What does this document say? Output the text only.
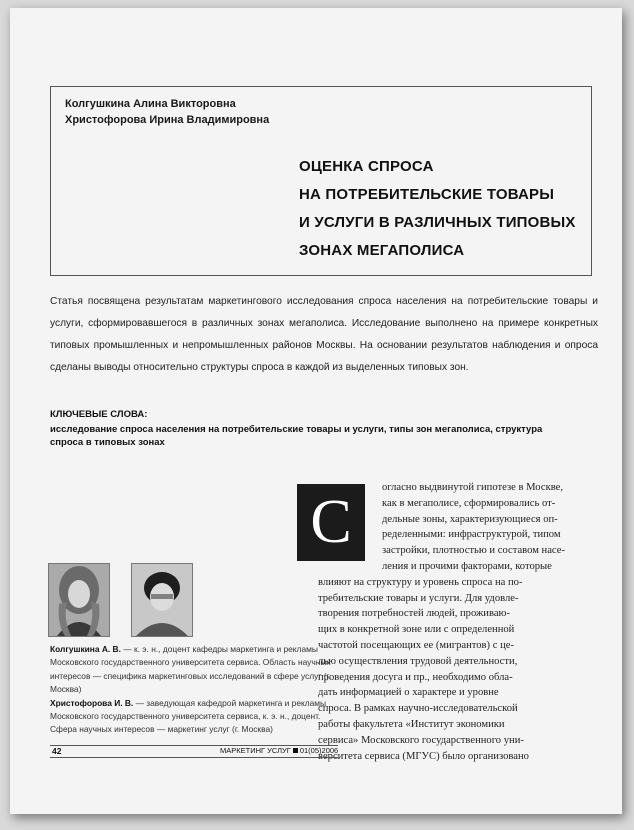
Колгушкина Алина Викторовна
Христофорова Ирина Владимировна
ОЦЕНКА СПРОСА
НА ПОТРЕБИТЕЛЬСКИЕ ТОВАРЫ
И УСЛУГИ В РАЗЛИЧНЫХ ТИПОВЫХ
ЗОНАХ МЕГАПОЛИСА
Статья посвящена результатам маркетингового исследования спроса населения на потребительские товары и услуги, сформировавшегося в различных зонах мегаполиса. Исследование выполнено на примере конкретных типовых промышленных и непромышленных районов Москвы. На основании результатов наблюдения и опроса сделаны выводы относительно структуры спроса в каждой из выделенных типовых зон.
КЛЮЧЕВЫЕ СЛОВА:
исследование спроса населения на потребительские товары и услуги, типы зон мегаполиса, структура спроса в типовых зонах
С
огласно выдвинутой гипотезе в Москве,
как в мегаполисе, сформировались от-
дельные зоны, характеризующиеся оп-
ределенными: инфраструктурой, типом
застройки, плотностью и составом насе-
ления и прочими факторами, которые
влияют на структуру и уровень спроса на по-
требительские товары и услуги. Для удовле-
творения потребностей людей, проживаю-
щих в конкретной зоне или с определенной
частотой посещающих ее (мигрантов) с це-
лью осуществления трудовой деятельности,
проведения досуга и пр., необходимо обла-
дать информацией о характере и уровне
спроса. В рамках научно-исследовательской
работы факультета «Институт экономики
сервиса» Московского государственного уни-
верситета сервиса (МГУС) было организовано
Колгушкина А. В. — к. э. н., доцент кафедры маркетинга и рекламы Московского государственного университета сервиса. Область научных интересов — специфика маркетинговых исследований в сфере услуг (г. Москва)
Христофорова И. В. — заведующая кафедрой маркетинга и рекламы Московского государственного университета сервиса, к. э. н., доцент. Сфера научных интересов — маркетинг услуг (г. Москва)
42	МАРКЕТИНГ УСЛУГ 01(05)2006
